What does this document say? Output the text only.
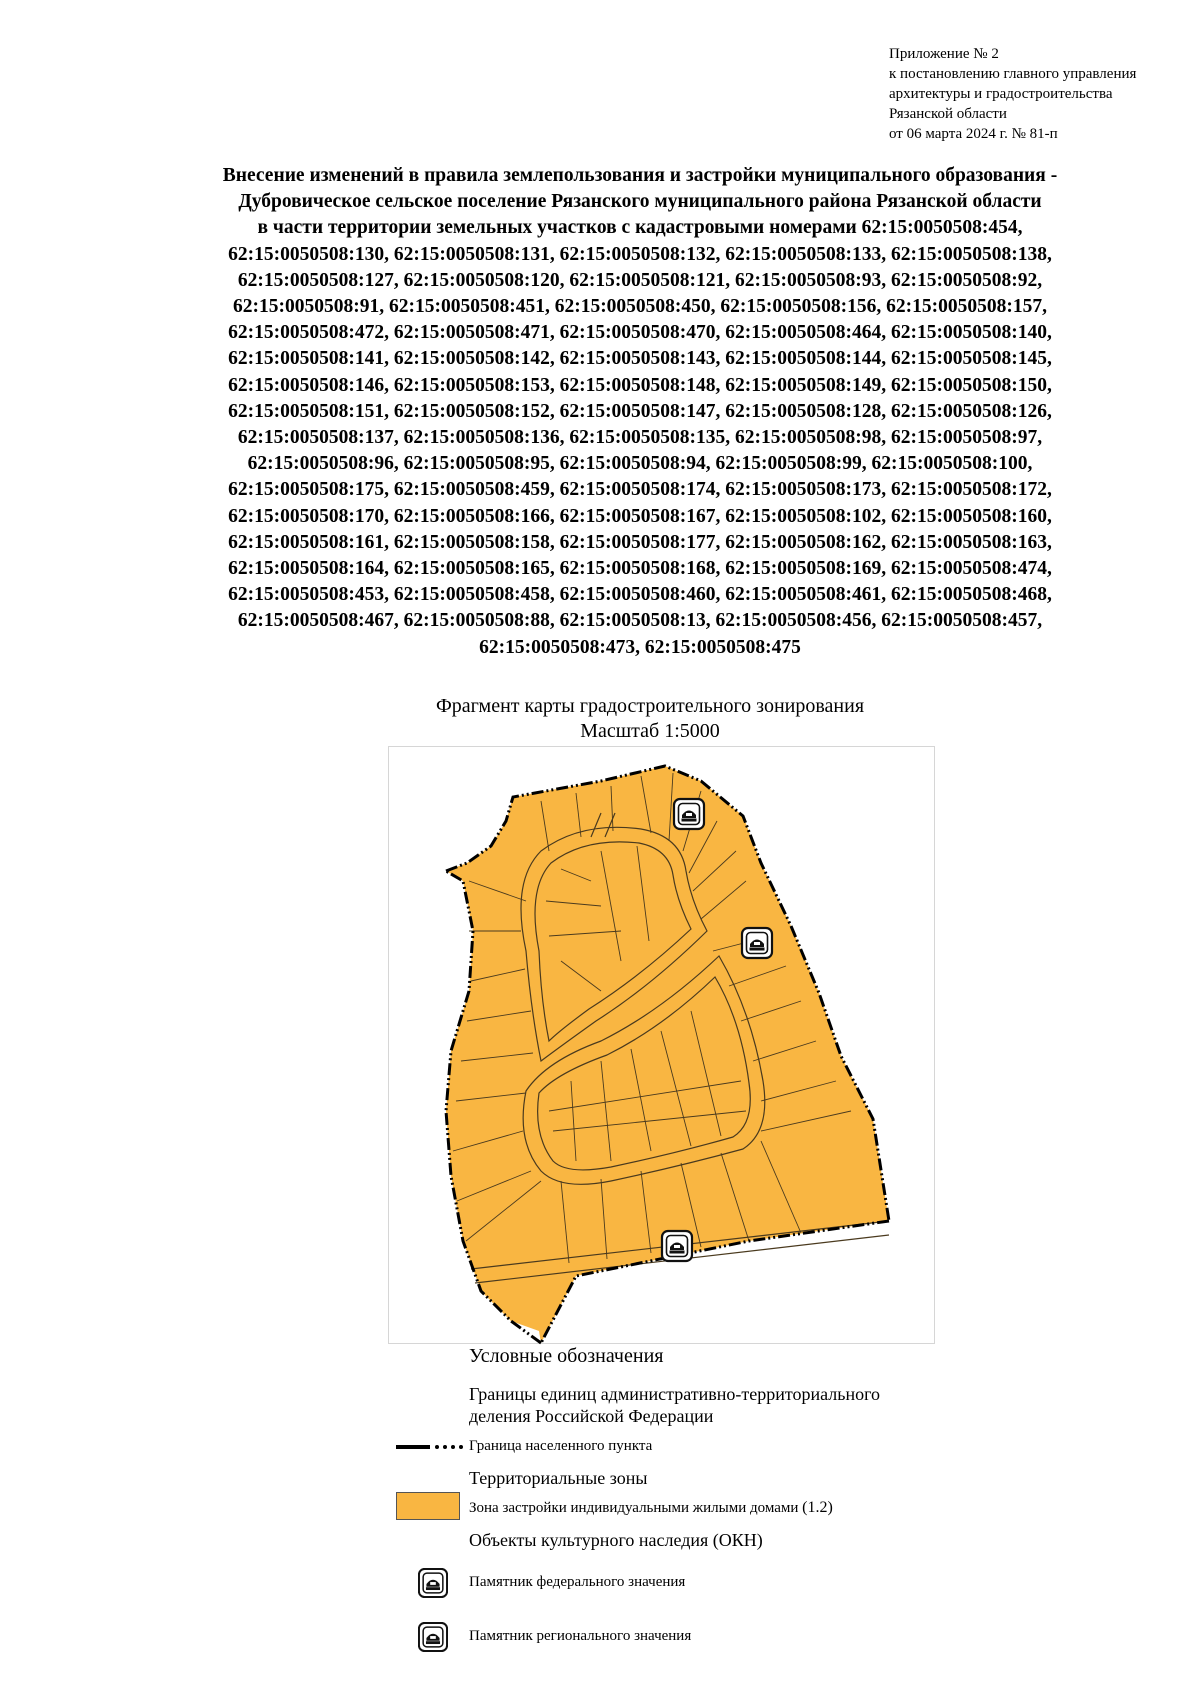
Приложение № 2
к постановлению главного управления
архитектуры и градостроительства
Рязанской области
от 06 марта 2024 г. № 81-п
Внесение изменений в правила землепользования и застройки муниципального образования -
Дубровичеcкое сельское поселение Рязанского муниципального района Рязанской области
в части территории земельных участков с кадастровыми номерами 62:15:0050508:454,
62:15:0050508:130, 62:15:0050508:131, 62:15:0050508:132, 62:15:0050508:133, 62:15:0050508:138,
62:15:0050508:127, 62:15:0050508:120, 62:15:0050508:121, 62:15:0050508:93, 62:15:0050508:92,
62:15:0050508:91, 62:15:0050508:451, 62:15:0050508:450, 62:15:0050508:156, 62:15:0050508:157,
62:15:0050508:472, 62:15:0050508:471, 62:15:0050508:470, 62:15:0050508:464, 62:15:0050508:140,
62:15:0050508:141, 62:15:0050508:142, 62:15:0050508:143, 62:15:0050508:144, 62:15:0050508:145,
62:15:0050508:146, 62:15:0050508:153, 62:15:0050508:148, 62:15:0050508:149, 62:15:0050508:150,
62:15:0050508:151, 62:15:0050508:152, 62:15:0050508:147, 62:15:0050508:128, 62:15:0050508:126,
62:15:0050508:137, 62:15:0050508:136, 62:15:0050508:135, 62:15:0050508:98, 62:15:0050508:97,
62:15:0050508:96, 62:15:0050508:95, 62:15:0050508:94, 62:15:0050508:99, 62:15:0050508:100,
62:15:0050508:175, 62:15:0050508:459, 62:15:0050508:174, 62:15:0050508:173, 62:15:0050508:172,
62:15:0050508:170, 62:15:0050508:166, 62:15:0050508:167, 62:15:0050508:102, 62:15:0050508:160,
62:15:0050508:161, 62:15:0050508:158, 62:15:0050508:177, 62:15:0050508:162, 62:15:0050508:163,
62:15:0050508:164, 62:15:0050508:165, 62:15:0050508:168, 62:15:0050508:169, 62:15:0050508:474,
62:15:0050508:453, 62:15:0050508:458, 62:15:0050508:460, 62:15:0050508:461, 62:15:0050508:468,
62:15:0050508:467, 62:15:0050508:88, 62:15:0050508:13, 62:15:0050508:456, 62:15:0050508:457,
62:15:0050508:473, 62:15:0050508:475
Фрагмент карты градостроительного зонирования
Масштаб 1:5000
Условные обозначения
Границы единиц административно-территориального
деления Российской Федерации
Граница населенного пункта
Территориальные зоны
Зона застройки индивидуальными жилыми домами (1.2)
Объекты культурного наследия (ОКН)
Памятник федерального значения
Памятник регионального значения
